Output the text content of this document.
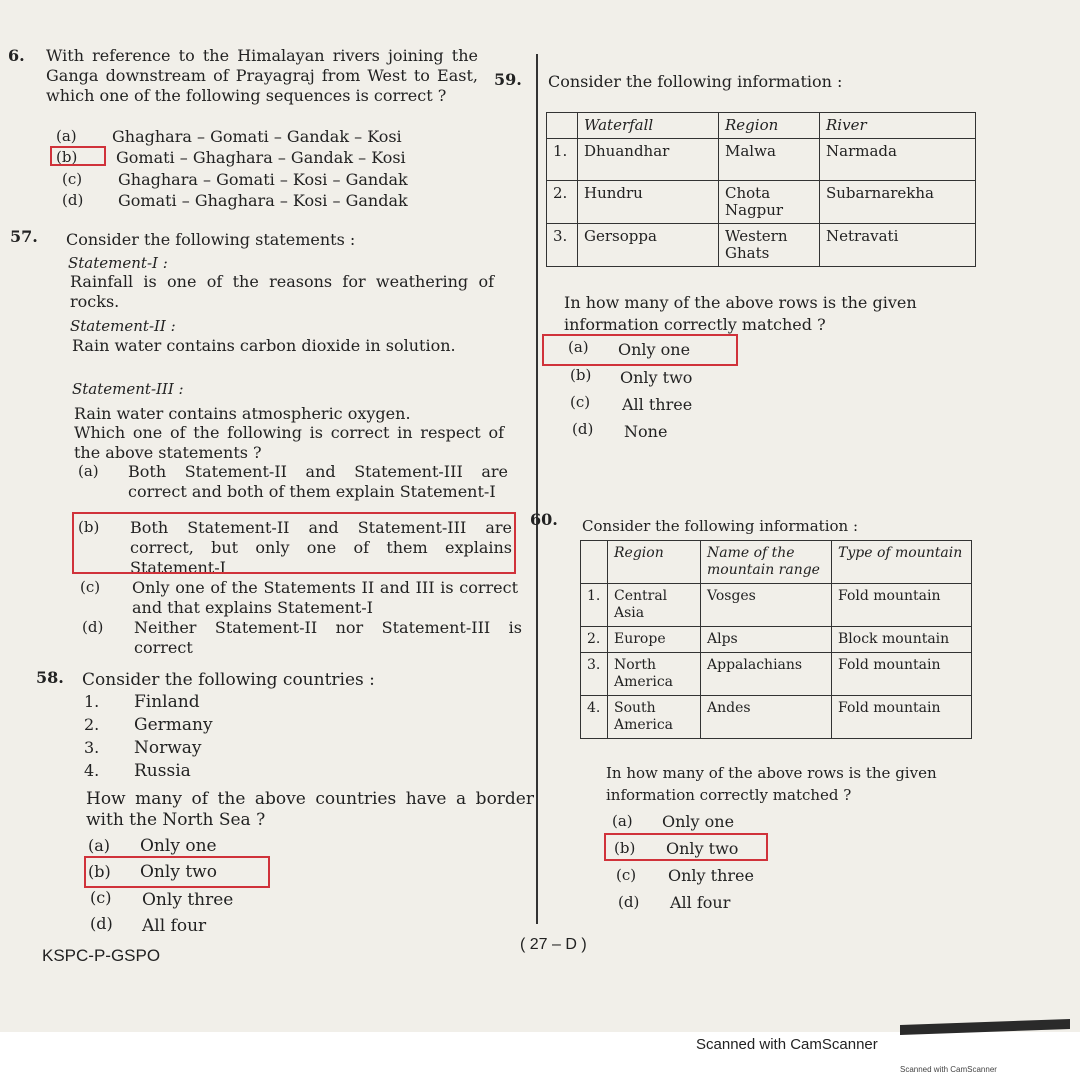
6. With reference to the Himalayan rivers joining the Ganga downstream of Prayagraj from West to East, which one of the following sequences is correct ?
(a) Ghaghara – Gomati – Gandak – Kosi
(b) Gomati – Ghaghara – Gandak – Kosi
(c) Ghaghara – Gomati – Kosi – Gandak
(d) Gomati – Ghaghara – Kosi – Gandak
57. Consider the following statements :
Statement-I :
Rainfall is one of the reasons for weathering of rocks.
Statement-II :
Rain water contains carbon dioxide in solution.
Statement-III :
Rain water contains atmospheric oxygen.
Which one of the following is correct in respect of the above statements ?
(a) Both Statement-II and Statement-III are correct and both of them explain Statement-I
(b) Both Statement-II and Statement-III are correct, but only one of them explains Statement-I
(c) Only one of the Statements II and III is correct and that explains Statement-I
(d) Neither Statement-II nor Statement-III is correct
58. Consider the following countries :
1. Finland
2. Germany
3. Norway
4. Russia
How many of the above countries have a border with the North Sea ?
(a) Only one
(b) Only two
(c) Only three
(d) All four
59. Consider the following information :
	Waterfall	Region	River
1.	Dhuandhar	Malwa	Narmada
2.	Hundru	Chota Nagpur	Subarnarekha
3.	Gersoppa	Western Ghats	Netravati
In how many of the above rows is the given information correctly matched ?
(a) Only one
(b) Only two
(c) All three
(d) None
60. Consider the following information :
	Region	Name of the mountain range	Type of mountain
1.	Central Asia	Vosges	Fold mountain
2.	Europe	Alps	Block mountain
3.	North America	Appalachians	Fold mountain
4.	South America	Andes	Fold mountain
In how many of the above rows is the given information correctly matched ?
(a) Only one
(b) Only two
(c) Only three
(d) All four
KSPC-P-GSPO
( 27 – D )
Scanned with CamScanner
Scanned with CamScanner
